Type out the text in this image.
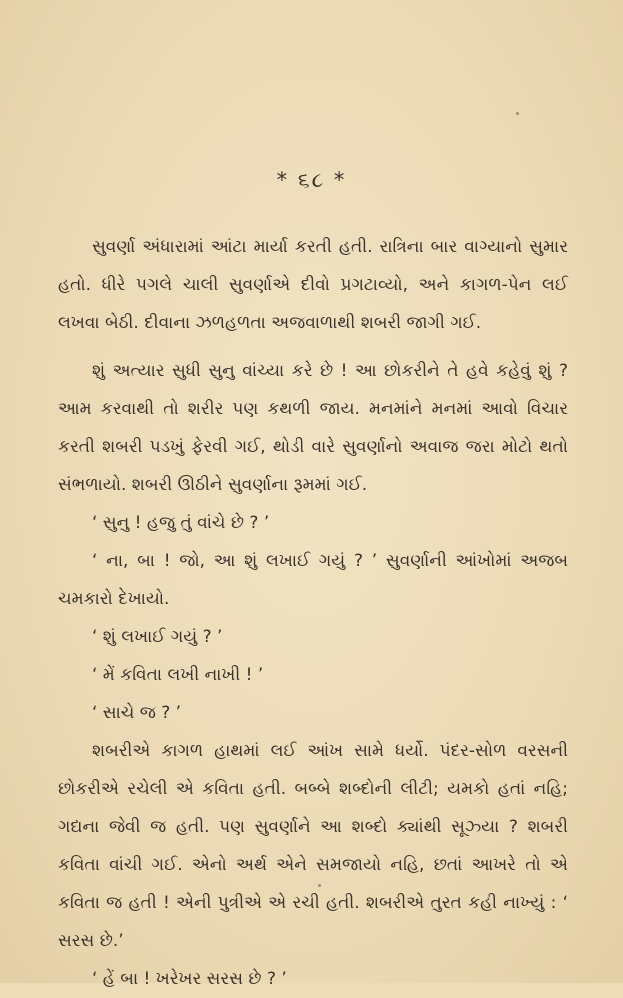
* ૬૮ *

સુવર્ણા અંધારામાં આંટા માર્યા કરતી હતી. રાત્રિના બાર વાગ્યાનો સુમાર હતો. ધીરે પગલે ચાલી સુવર્ણાએ દીવો પ્રગટાવ્યો, અને કાગળ-પેન લઈ લખવા બેઠી. દીવાના ઝળહળતા અજવાળાથી શબરી જાગી ગઈ.

શું અત્યાર સુધી સુનુ વાંચ્યા કરે છે ! આ છોકરીને તે હવે કહેવું શું ? આમ કરવાથી તો શરીર પણ કથળી જાય. મનમાંને મનમાં આવો વિચાર કરતી શબરી પડખું ફેરવી ગઈ, થોડી વારે સુવર્ણાનો અવાજ જરા મોટો થતો સંભળાયો. શબરી ઊઠીને સુવર્ણાના રૂમમાં ગઈ.

‘ સુનુ ! હજુ તું વાંચે છે ? ’

‘ ના, બા ! જો, આ શું લખાઈ ગયું ? ’ સુવર્ણાની આંખોમાં અજબ ચમકારો દેખાયો.

‘ શું લખાઈ ગયું ? ’

‘ મેં કવિતા લખી નાખી ! ’

‘ સાચે જ ? ’

શબરીએ કાગળ હાથમાં લઈ આંખ સામે ધર્યો. પંદર-સોળ વરસની છોકરીએ રચેલી એ કવિતા હતી. બબ્બે શબ્દોની લીટી; યમકો હતાં નહિ; ગદ્યના જેવી જ હતી. પણ સુવર્ણાને આ શબ્દો ક્યાંથી સૂઝ્યા ? શબરી કવિતા વાંચી ગઈ. એનો અર્થ એને સમજાયો નહિ, છતાં આખરે તો એ કવિતા જ હતી ! એની પુત્રીએ એ રચી હતી. શબરીએ તુરત કહી નાખ્યું : ‘ સરસ છે.’

‘ હેં બા ! ખરેખર સરસ છે ? ’
